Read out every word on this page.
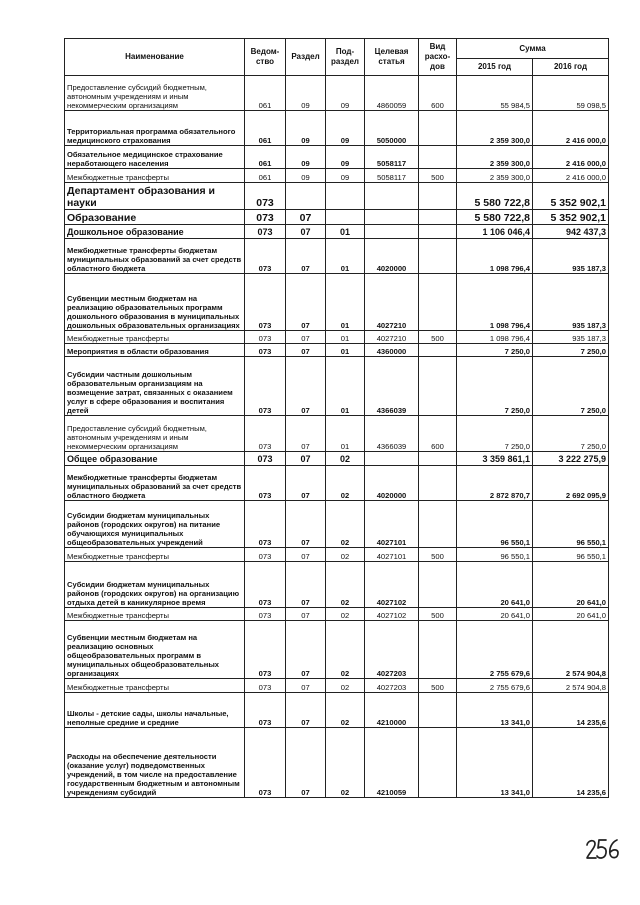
Наименование	Ведом-ство	Раздел	Под-раздел	Целевая статья	Вид расхо-дов	Сумма	
						2015 год	2016 год
Предоставление субсидий бюджетным, автономным учреждениям и иным некоммерческим организациям	061	09	09	4860059	600	55 984,5	59 098,5
Территориальная программа обязательного медицинского страхования	061	09	09	5050000		2 359 300,0	2 416 000,0
Обязательное медицинское страхование неработающего населения	061	09	09	5058117		2 359 300,0	2 416 000,0
Межбюджетные трансферты	061	09	09	5058117	500	2 359 300,0	2 416 000,0
Департамент образования и науки	073					5 580 722,8	5 352 902,1
Образование	073	07				5 580 722,8	5 352 902,1
Дошкольное образование	073	07	01			1 106 046,4	942 437,3
Межбюджетные трансферты бюджетам муниципальных образований за счет средств областного бюджета	073	07	01	4020000		1 098 796,4	935 187,3
Субвенции местным бюджетам на реализацию образовательных программ дошкольного образования в муниципальных дошкольных образовательных организациях	073	07	01	4027210		1 098 796,4	935 187,3
Межбюджетные трансферты	073	07	01	4027210	500	1 098 796,4	935 187,3
Мероприятия в области образования	073	07	01	4360000		7 250,0	7 250,0
Субсидии частным дошкольным образовательным организациям на возмещение затрат, связанных с оказанием услуг в сфере образования и воспитания детей	073	07	01	4366039		7 250,0	7 250,0
Предоставление субсидий бюджетным, автономным учреждениям и иным некоммерческим организациям	073	07	01	4366039	600	7 250,0	7 250,0
Общее образование	073	07	02			3 359 861,1	3 222 275,9
Межбюджетные трансферты бюджетам муниципальных образований за счет средств областного бюджета	073	07	02	4020000		2 872 870,7	2 692 095,9
Субсидии бюджетам муниципальных районов (городских округов) на питание обучающихся муниципальных общеобразовательных учреждений	073	07	02	4027101		96 550,1	96 550,1
Межбюджетные трансферты	073	07	02	4027101	500	96 550,1	96 550,1
Субсидии бюджетам муниципальных районов (городских округов) на организацию отдыха детей в каникулярное время	073	07	02	4027102		20 641,0	20 641,0
Межбюджетные трансферты	073	07	02	4027102	500	20 641,0	20 641,0
Субвенции местным бюджетам на реализацию основных общеобразовательных программ в муниципальных общеобразовательных организациях	073	07	02	4027203		2 755 679,6	2 574 904,8
Межбюджетные трансферты	073	07	02	4027203	500	2 755 679,6	2 574 904,8
Школы - детские сады, школы начальные, неполные средние и средние	073	07	02	4210000		13 341,0	14 235,6
Расходы на обеспечение деятельности (оказание услуг) подведомственных учреждений, в том числе на предоставление государственным бюджетным и автономным учреждениям субсидий	073	07	02	4210059		13 341,0	14 235,6
